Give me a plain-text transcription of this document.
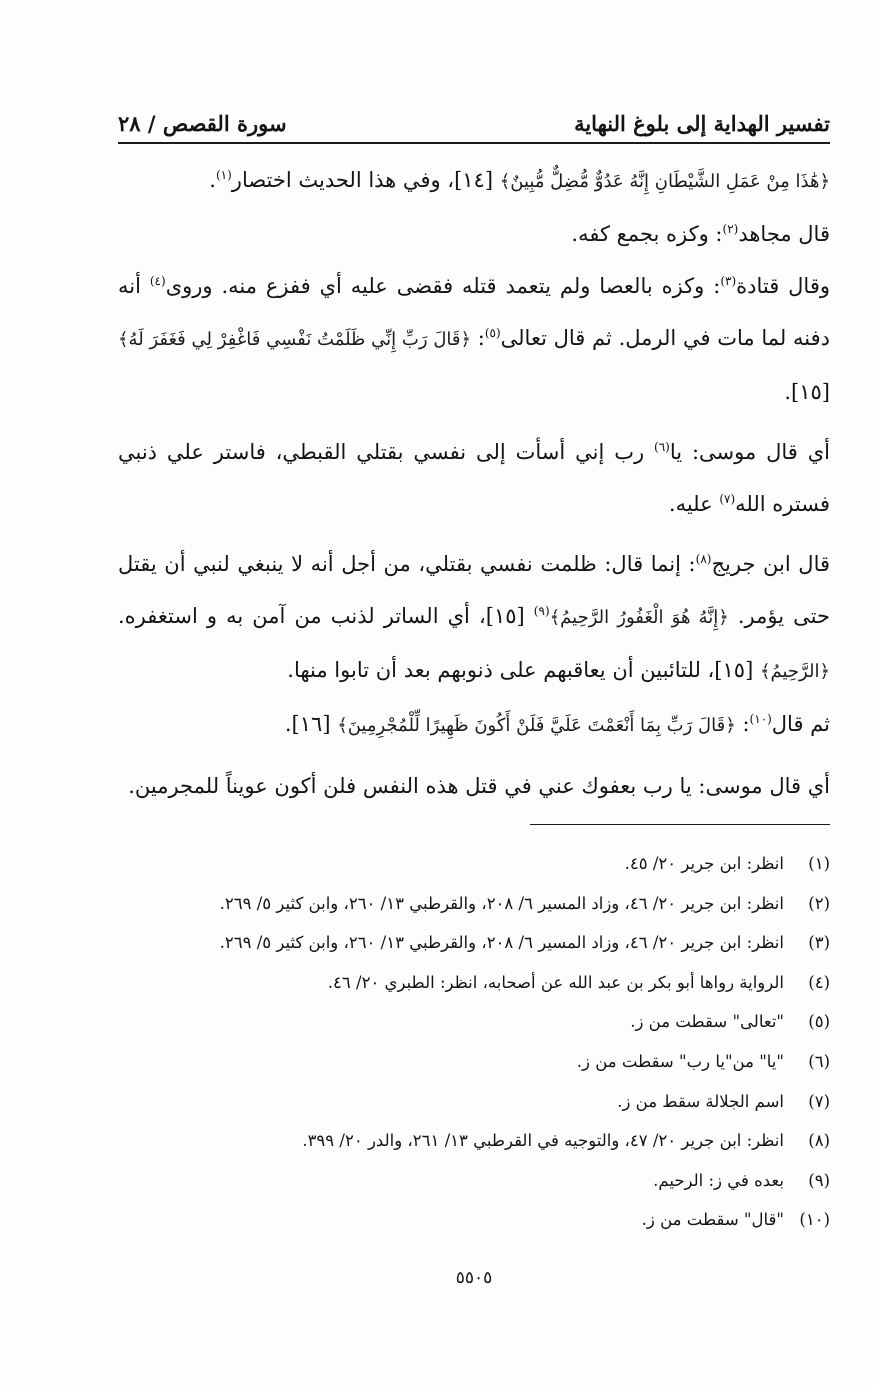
تفسير الهداية إلى بلوغ النهاية
سورة القصص / ٢٨

﴿هَٰذَا مِنْ عَمَلِ الشَّيْطَانِ إِنَّهُ عَدُوٌّ مُّضِلٌّ مُّبِينٌ﴾ [١٤]، وفي هذا الحديث اختصار$^{(١)}$.

قال مجاهد$^{(٢)}$: وكزه بجمع كفه.

وقال قتادة$^{(٣)}$: وكزه بالعصا ولم يتعمد قتله فقضى عليه أي ففزع منه. وروى$^{(٤)}$ أنه دفنه لما مات في الرمل. ثم قال تعالى$^{(٥)}$: ﴿قَالَ رَبِّ إِنِّي ظَلَمْتُ نَفْسِي فَاغْفِرْ لِي فَغَفَرَ لَهُ﴾[١٥].

أي قال موسى: يا$^{(٦)}$ رب إني أسأت إلى نفسي بقتلي القبطي، فاستر علي ذنبي فستره الله$^{(٧)}$ عليه.

قال ابن جريج$^{(٨)}$: إنما قال: ظلمت نفسي بقتلي، من أجل أنه لا ينبغي لنبي أن يقتل حتى يؤمر. ﴿إِنَّهُ هُوَ الْغَفُورُ الرَّحِيمُ﴾$^{(٩)}$ [١٥]، أي الساتر لذنب من آمن به و استغفره. ﴿الرَّحِيمُ﴾ [١٥]، للتائبين أن يعاقبهم على ذنوبهم بعد أن تابوا منها.

ثم قال$^{(١٠)}$: ﴿قَالَ رَبِّ بِمَا أَنْعَمْتَ عَلَيَّ فَلَنْ أَكُونَ ظَهِيرًا لِّلْمُجْرِمِينَ﴾ [١٦].

أي قال موسى: يا رب بعفوك عني في قتل هذه النفس فلن أكون عويناً للمجرمين.

(١)
انظر: ابن جرير ٢٠/ ٤٥.
(٢)
انظر: ابن جرير ٢٠/ ٤٦، وزاد المسير ٦/ ٢٠٨، والقرطبي ١٣/ ٢٦٠، وابن كثير ٥/ ٢٦٩.
(٣)
انظر: ابن جرير ٢٠/ ٤٦، وزاد المسير ٦/ ٢٠٨، والقرطبي ١٣/ ٢٦٠، وابن كثير ٥/ ٢٦٩.
(٤)
الرواية رواها أبو بكر بن عبد الله عن أصحابه، انظر: الطبري ٢٠/ ٤٦.
(٥)
"تعالى" سقطت من ز.
(٦)
"يا" من"يا رب" سقطت من ز.
(٧)
اسم الجلالة سقط من ز.
(٨)
انظر: ابن جرير ٢٠/ ٤٧، والتوجيه في القرطبي ١٣/ ٢٦١، والدر ٢٠/ ٣٩٩.
(٩)
بعده في ز: الرحيم.
(١٠)
"قال" سقطت من ز.
٥٥٠٥
